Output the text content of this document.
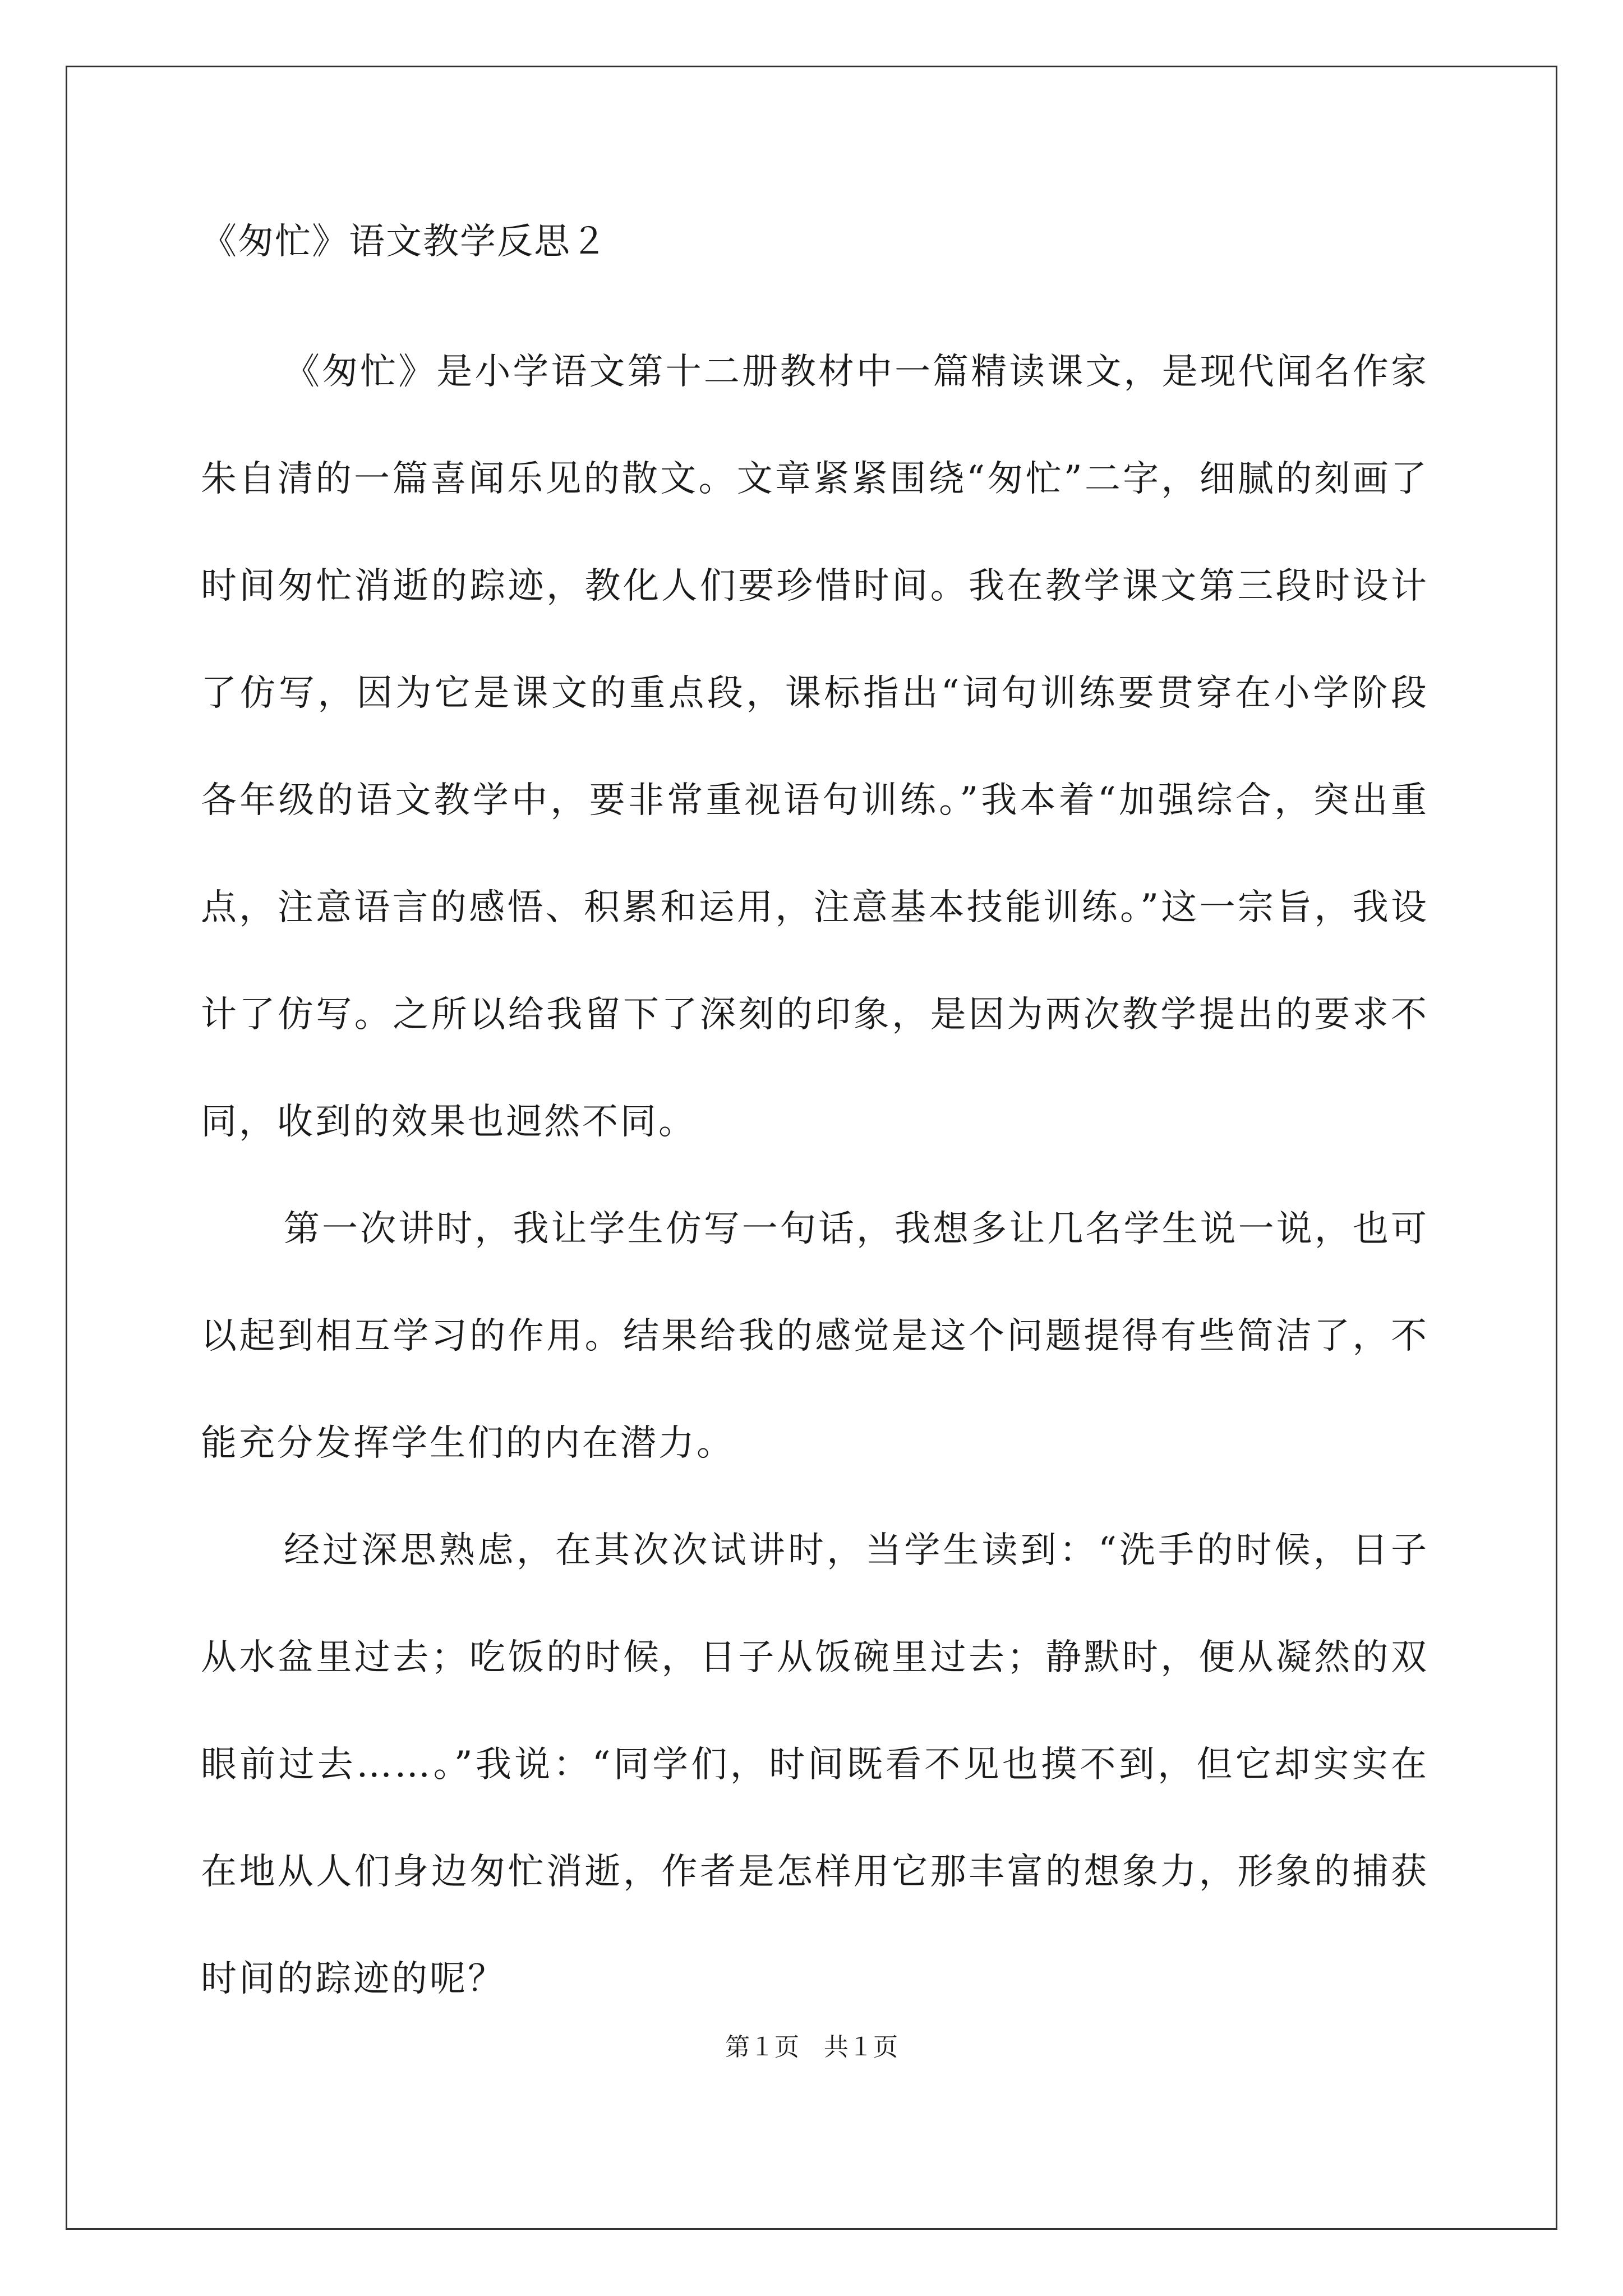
《匆忙》语文教学反思２

《匆忙》是小学语文第十二册教材中一篇精读课文，是现代闻名作家朱自清的一篇喜闻乐见的散文。文章紧紧围绕“匆忙”二字，细腻的刻画了时间匆忙消逝的踪迹，教化人们要珍惜时间。我在教学课文第三段时设计了仿写，因为它是课文的重点段，课标指出“词句训练要贯穿在小学阶段各年级的语文教学中，要非常重视语句训练。”我本着“加强综合，突出重点，注意语言的感悟、积累和运用，注意基本技能训练。”这一宗旨，我设计了仿写。之所以给我留下了深刻的印象，是因为两次教学提出的要求不同，收到的效果也迥然不同。

第一次讲时，我让学生仿写一句话，我想多让几名学生说一说，也可以起到相互学习的作用。结果给我的感觉是这个问题提得有些简洁了，不能充分发挥学生们的内在潜力。

经过深思熟虑，在其次次试讲时，当学生读到：“洗手的时候，日子从水盆里过去；吃饭的时候，日子从饭碗里过去；静默时，便从凝然的双眼前过去……。”我说：“同学们，时间既看不见也摸不到，但它却实实在在地从人们身边匆忙消逝，作者是怎样用它那丰富的想象力，形象的捕获时间的踪迹的呢？

第１页　共１页
